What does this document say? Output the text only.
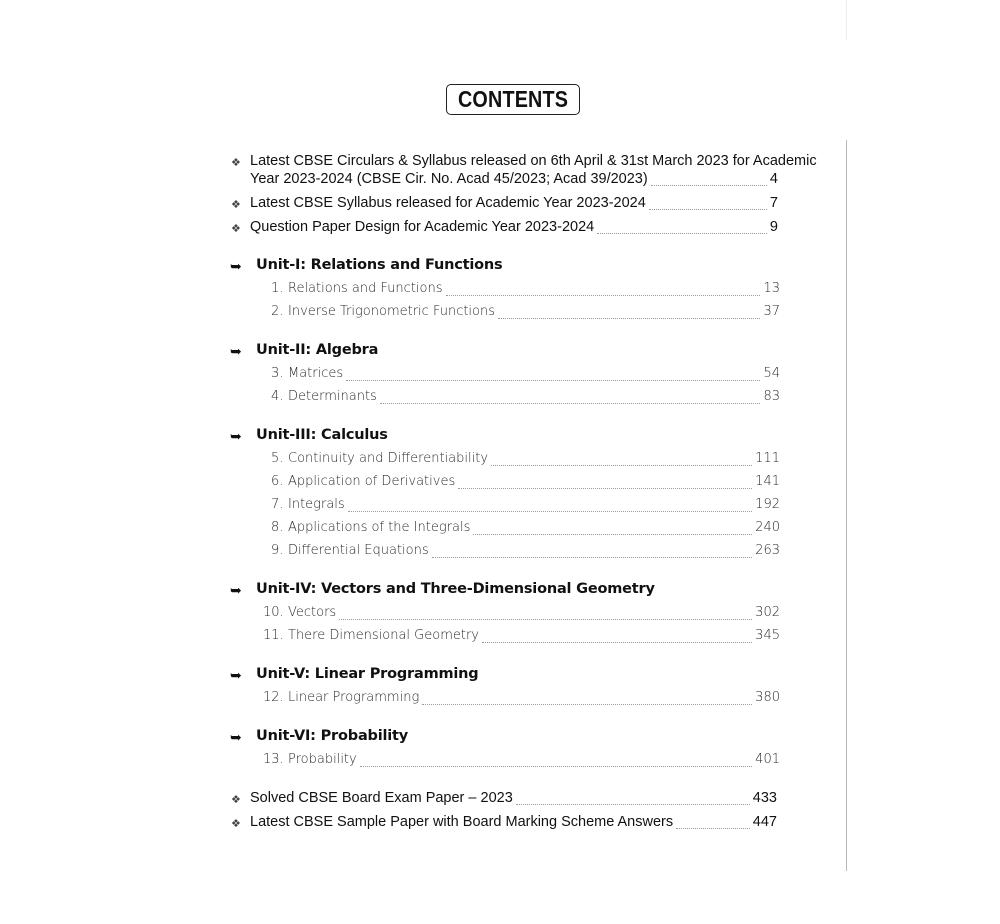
CONTENTS
❖ Latest CBSE Circulars & Syllabus released on 6th April & 31st March 2023 for Academic
Year 2023-2024 (CBSE Cir. No. Acad 45/2023; Acad 39/2023)	4
❖ Latest CBSE Syllabus released for Academic Year 2023-2024	7
❖ Question Paper Design for Academic Year 2023-2024	9
➥ Unit-I: Relations and Functions
1. Relations and Functions	13
2. Inverse Trigonometric Functions	37
➥ Unit-II: Algebra
3. Matrices	54
4. Determinants	83
➥ Unit-III: Calculus
5. Continuity and Differentiability	111
6. Application of Derivatives	141
7. Integrals	192
8. Applications of the Integrals	240
9. Differential Equations	263
➥ Unit-IV: Vectors and Three-Dimensional Geometry
10. Vectors	302
11. There Dimensional Geometry	345
➥ Unit-V: Linear Programming
12. Linear Programming	380
➥ Unit-VI: Probability
13. Probability	401
❖ Solved CBSE Board Exam Paper – 2023	433
❖ Latest CBSE Sample Paper with Board Marking Scheme Answers	447
